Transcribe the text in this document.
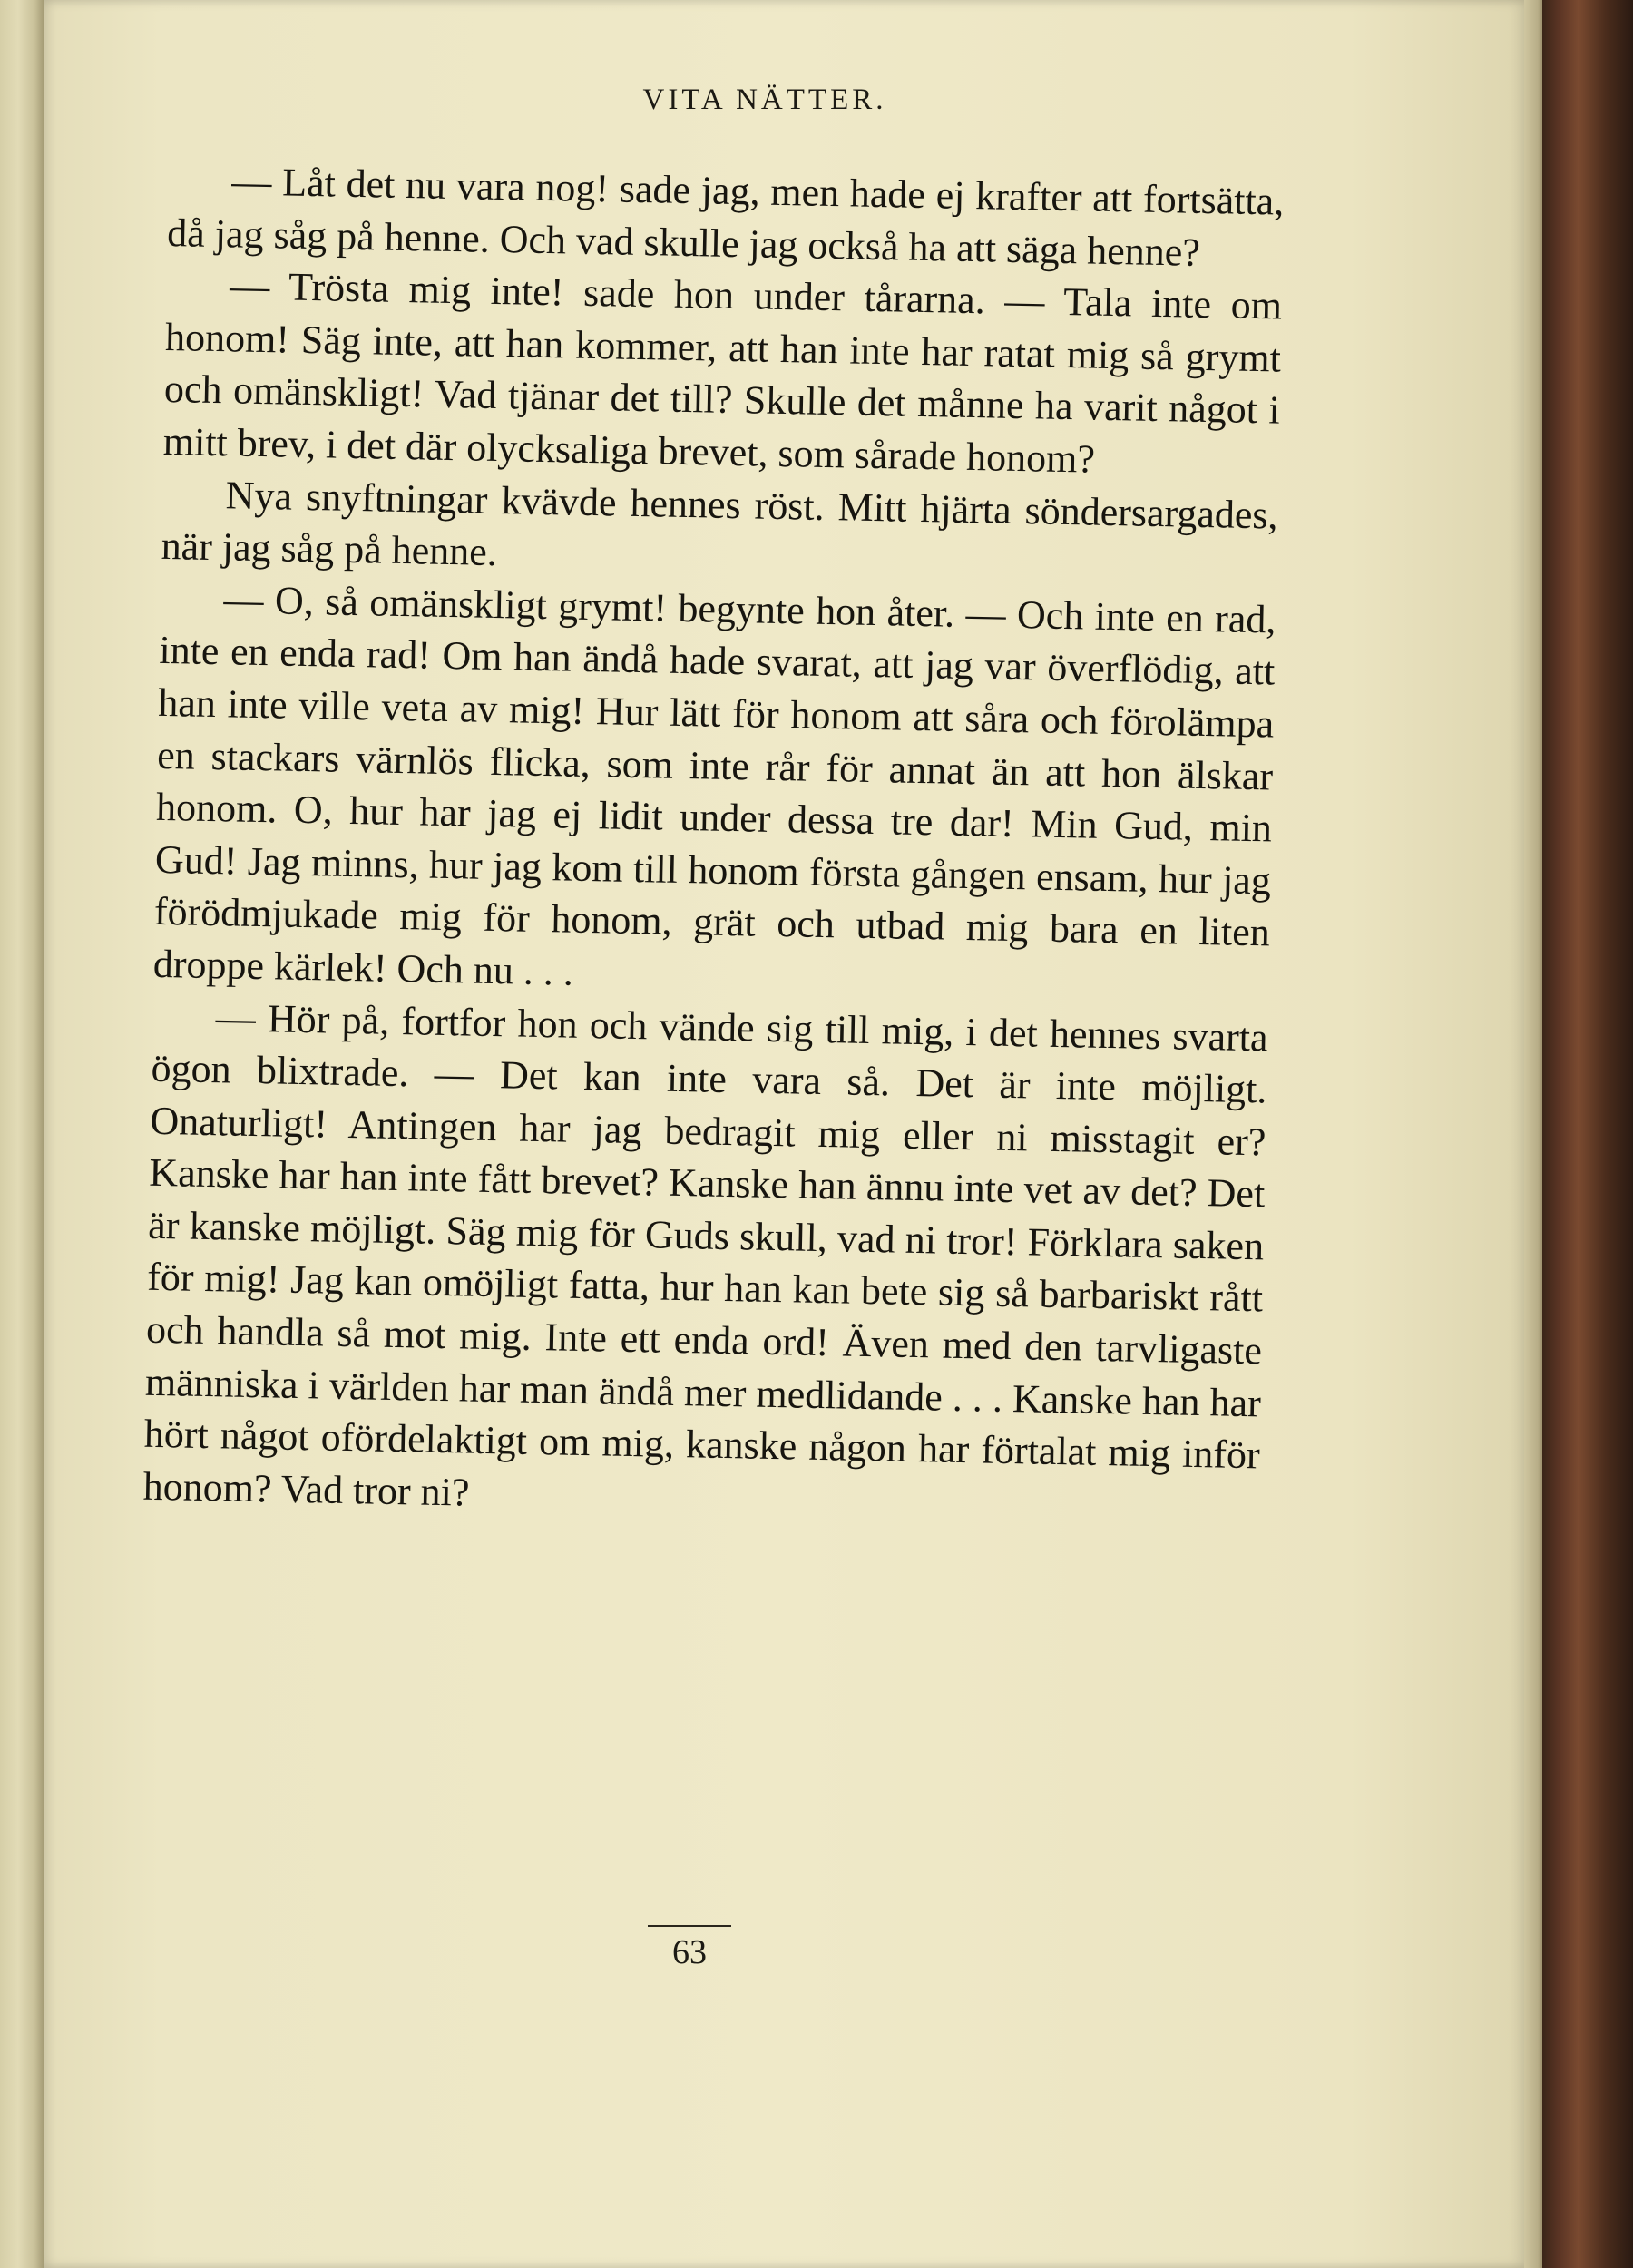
VITA NÄTTER.

— Låt det nu vara nog! sade jag, men hade ej krafter att fortsätta, då jag såg på henne. Och vad skulle jag också ha att säga henne?

— Trösta mig inte! sade hon under tårarna. — Tala inte om honom! Säg inte, att han kommer, att han inte har ratat mig så grymt och omänskligt! Vad tjänar det till? Skulle det månne ha varit något i mitt brev, i det där olycksaliga brevet, som sårade honom?

Nya snyftningar kvävde hennes röst. Mitt hjärta söndersargades, när jag såg på henne.

— O, så omänskligt grymt! begynte hon åter. — Och inte en rad, inte en enda rad! Om han ändå hade svarat, att jag var överflödig, att han inte ville veta av mig! Hur lätt för honom att såra och förolämpa en stackars värnlös flicka, som inte rår för annat än att hon älskar honom. O, hur har jag ej lidit under dessa tre dar! Min Gud, min Gud! Jag minns, hur jag kom till honom första gången ensam, hur jag förödmjukade mig för honom, grät och utbad mig bara en liten droppe kärlek! Och nu . . .

— Hör på, fortfor hon och vände sig till mig, i det hennes svarta ögon blixtrade. — Det kan inte vara så. Det är inte möjligt. Onaturligt! Antingen har jag bedragit mig eller ni misstagit er? Kanske har han inte fått brevet? Kanske han ännu inte vet av det? Det är kanske möjligt. Säg mig för Guds skull, vad ni tror! Förklara saken för mig! Jag kan omöjligt fatta, hur han kan bete sig så barbariskt rått och handla så mot mig. Inte ett enda ord! Även med den tarvligaste människa i världen har man ändå mer medlidande . . . Kanske han har hört något ofördelaktigt om mig, kanske någon har förtalat mig inför honom? Vad tror ni?

63
